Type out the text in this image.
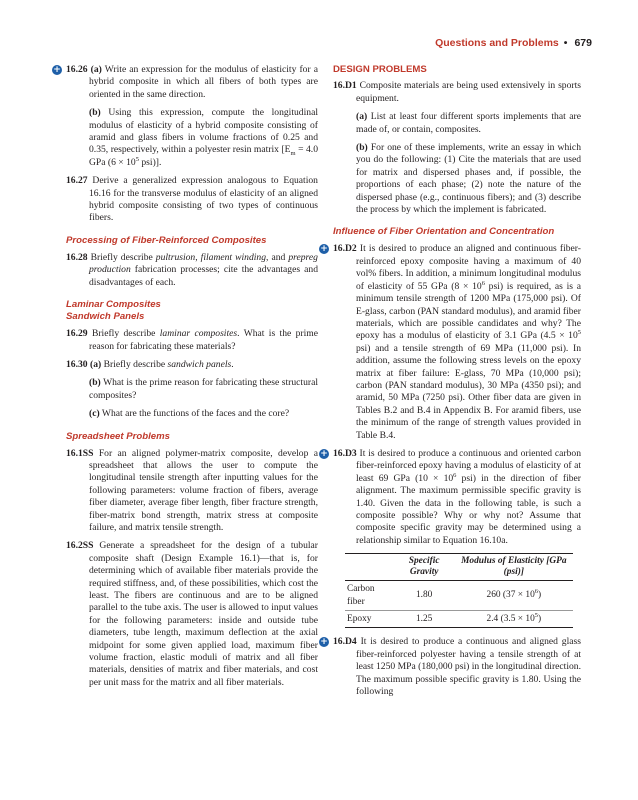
Questions and Problems • 679
+ 16.26 (a) Write an expression for the modulus of elasticity for a hybrid composite in which all fibers of both types are oriented in the same direction.
(b) Using this expression, compute the longitudinal modulus of elasticity of a hybrid composite consisting of aramid and glass fibers in volume fractions of 0.25 and 0.35, respectively, within a polyester resin matrix [$E_m = 4.0$ GPa ($6 \times 10^5$ psi)].
16.27 Derive a generalized expression analogous to Equation 16.16 for the transverse modulus of elasticity of an aligned hybrid composite consisting of two types of continuous fibers.
Processing of Fiber-Reinforced Composites
16.28 Briefly describe pultrusion, filament winding, and prepreg production fabrication processes; cite the advantages and disadvantages of each.
Laminar Composites
Sandwich Panels
16.29 Briefly describe laminar composites. What is the prime reason for fabricating these materials?
16.30 (a) Briefly describe sandwich panels.
(b) What is the prime reason for fabricating these structural composites?
(c) What are the functions of the faces and the core?
Spreadsheet Problems
16.1SS For an aligned polymer-matrix composite, develop a spreadsheet that allows the user to compute the longitudinal tensile strength after inputting values for the following parameters: volume fraction of fibers, average fiber diameter, average fiber length, fiber fracture strength, fiber-matrix bond strength, matrix stress at composite failure, and matrix tensile strength.
16.2SS Generate a spreadsheet for the design of a tubular composite shaft (Design Example 16.1)—that is, for determining which of available fiber materials provide the required stiffness, and, of these possibilities, which cost the least. The fibers are continuous and are to be aligned parallel to the tube axis. The user is allowed to input values for the following parameters: inside and outside tube diameters, tube length, maximum deflection at the axial midpoint for some given applied load, maximum fiber volume fraction, elastic moduli of matrix and all fiber materials, densities of matrix and fiber materials, and cost per unit mass for the matrix and all fiber materials.
DESIGN PROBLEMS
16.D1 Composite materials are being used extensively in sports equipment.
(a) List at least four different sports implements that are made of, or contain, composites.
(b) For one of these implements, write an essay in which you do the following: (1) Cite the materials that are used for matrix and dispersed phases and, if possible, the proportions of each phase; (2) note the nature of the dispersed phase (e.g., continuous fibers); and (3) describe the process by which the implement is fabricated.
Influence of Fiber Orientation and Concentration
+ 16.D2 It is desired to produce an aligned and continuous fiber-reinforced epoxy composite having a maximum of 40 vol% fibers. In addition, a minimum longitudinal modulus of elasticity of 55 GPa ($8 \times 10^6$ psi) is required, as is a minimum tensile strength of 1200 MPa (175,000 psi). Of E-glass, carbon (PAN standard modulus), and aramid fiber materials, which are possible candidates and why? The epoxy has a modulus of elasticity of 3.1 GPa ($4.5 \times 10^5$ psi) and a tensile strength of 69 MPa (11,000 psi). In addition, assume the following stress levels on the epoxy matrix at fiber failure: E-glass, 70 MPa (10,000 psi); carbon (PAN standard modulus), 30 MPa (4350 psi); and aramid, 50 MPa (7250 psi). Other fiber data are given in Tables B.2 and B.4 in Appendix B. For aramid fibers, use the minimum of the range of strength values provided in Table B.4.
+ 16.D3 It is desired to produce a continuous and oriented carbon fiber-reinforced epoxy having a modulus of elasticity of at least 69 GPa ($10 \times 10^6$ psi) in the direction of fiber alignment. The maximum permissible specific gravity is 1.40. Given the data in the following table, is such a composite possible? Why or why not? Assume that composite specific gravity may be determined using a relationship similar to Equation 16.10a.
	Specific Gravity	Modulus of Elasticity [GPa (psi)]
Carbon fiber	1.80	260 $(37 \times 10^6)$
Epoxy	1.25	2.4 $(3.5 \times 10^5)$
+ 16.D4 It is desired to produce a continuous and aligned glass fiber-reinforced polyester having a tensile strength of at least 1250 MPa (180,000 psi) in the longitudinal direction. The maximum possible specific gravity is 1.80. Using the following
